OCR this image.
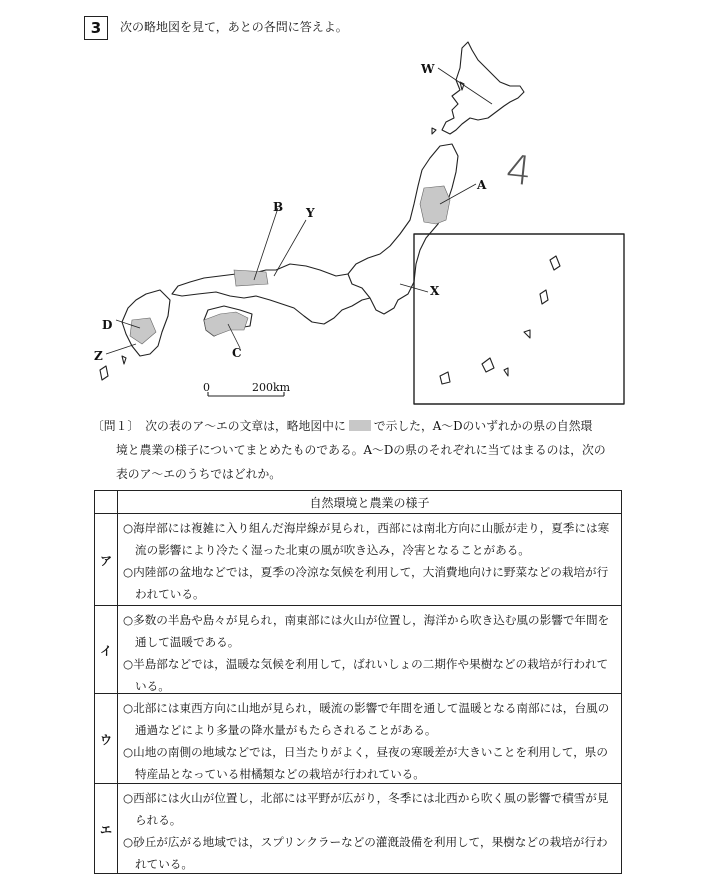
3	次の略地図を見て，あとの各問に答えよ。
W
A
B Y
X
C
D
Z
4
0	200km
〔問１〕 次の表のア～エの文章は，略地図中に で示した，A～Dのいずれかの県の自然環
境と農業の様子についてまとめたものである。A～Dの県のそれぞれに当てはまるのは，次の
表のア～エのうちではどれか。
自然環境と農業の様子
ア
○海岸部には複雑に入り組んだ海岸線が見られ，西部には南北方向に山脈が走り，夏季には寒流の影響により冷たく湿った北東の風が吹き込み，冷害となることがある。
○内陸部の盆地などでは，夏季の冷涼な気候を利用して，大消費地向けに野菜などの栽培が行われている。
イ
○多数の半島や島々が見られ，南東部には火山が位置し，海洋から吹き込む風の影響で年間を通して温暖である。
○半島部などでは，温暖な気候を利用して，ばれいしょの二期作や果樹などの栽培が行われている。
ウ
○北部には東西方向に山地が見られ，暖流の影響で年間を通して温暖となる南部には，台風の通過などにより多量の降水量がもたらされることがある。
○山地の南側の地域などでは，日当たりがよく，昼夜の寒暖差が大きいことを利用して，県の特産品となっている柑橘類などの栽培が行われている。
エ
○西部には火山が位置し，北部には平野が広がり，冬季には北西から吹く風の影響で積雪が見られる。
○砂丘が広がる地域では，スプリンクラーなどの灌漑設備を利用して，果樹などの栽培が行われている。
